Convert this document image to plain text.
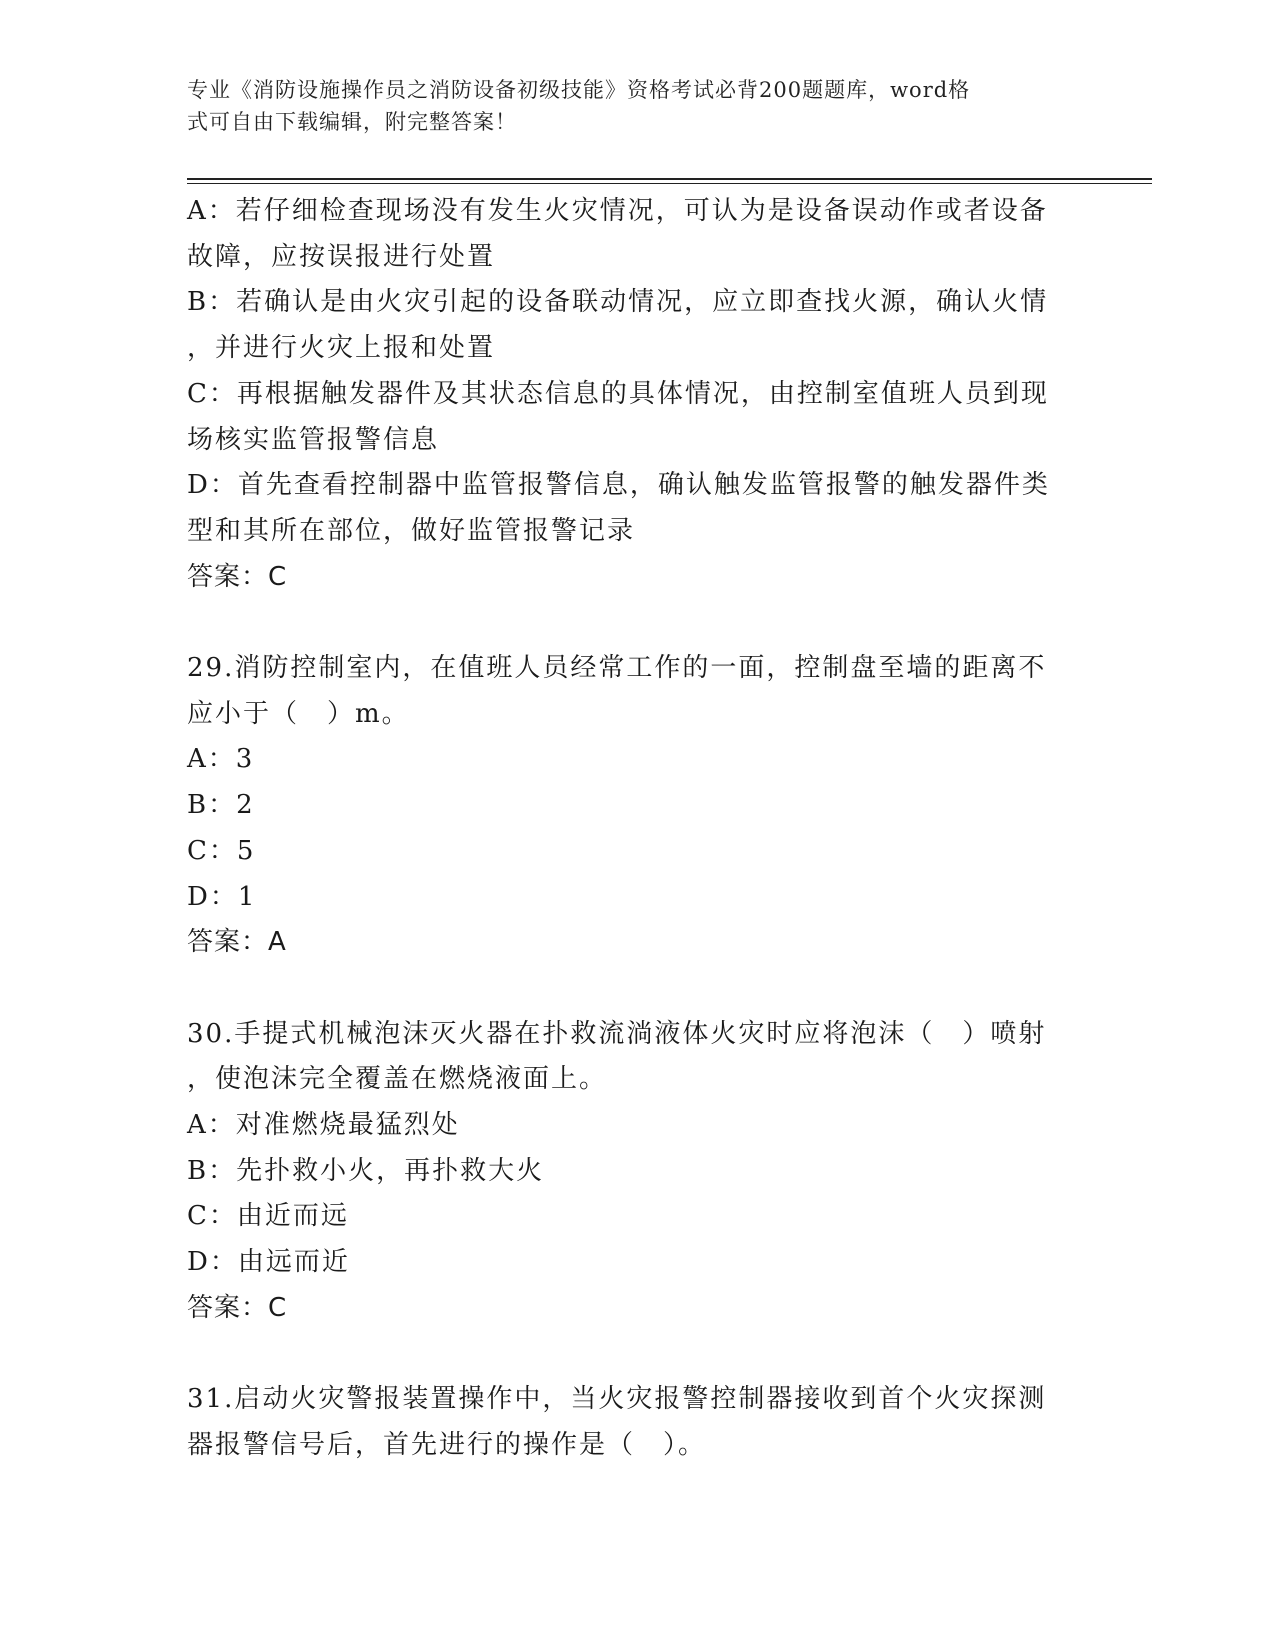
专业《消防设施操作员之消防设备初级技能》资格考试必背200题题库，word格
式可自由下载编辑，附完整答案！
A：若仔细检查现场没有发生火灾情况，可认为是设备误动作或者设备
故障，应按误报进行处置
B：若确认是由火灾引起的设备联动情况，应立即查找火源，确认火情
，并进行火灾上报和处置
C：再根据触发器件及其状态信息的具体情况，由控制室值班人员到现
场核实监管报警信息
D：首先查看控制器中监管报警信息，确认触发监管报警的触发器件类
型和其所在部位，做好监管报警记录
答案：C
29.消防控制室内，在值班人员经常工作的一面，控制盘至墙的距离不
应小于（　）m。
A：3
B：2
C：5
D：1
答案：A
30.手提式机械泡沫灭火器在扑救流淌液体火灾时应将泡沫（　）喷射
，使泡沫完全覆盖在燃烧液面上。
A：对准燃烧最猛烈处
B：先扑救小火，再扑救大火
C：由近而远
D：由远而近
答案：C
31.启动火灾警报装置操作中，当火灾报警控制器接收到首个火灾探测
器报警信号后，首先进行的操作是（　）。
